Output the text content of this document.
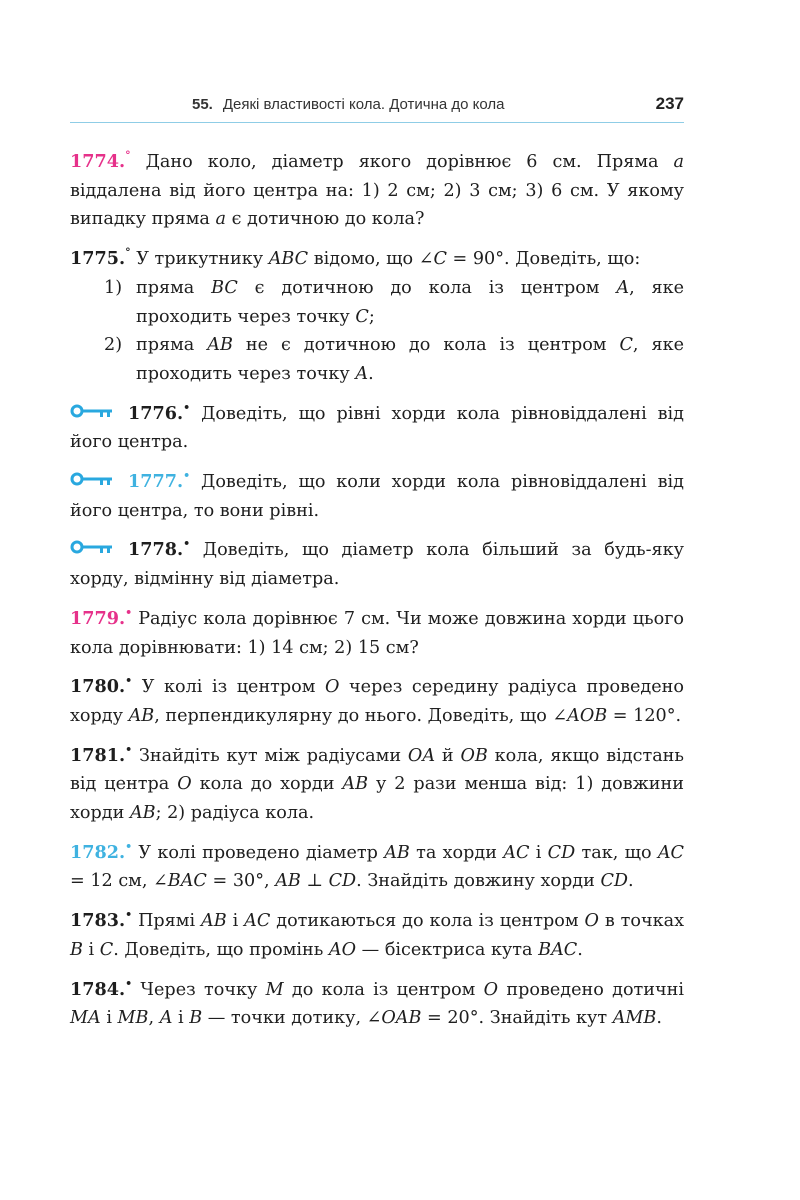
55. Деякі властивості кола. Дотична до кола	237
1774.° Дано коло, діаметр якого дорівнює 6 см. Пряма a віддалена від його центра на: 1) 2 см; 2) 3 см; 3) 6 см. У якому випадку пряма a є дотичною до кола?
1775.° У трикутнику ABC відомо, що ∠C = 90°. Доведіть, що:
1) пряма BC є дотичною до кола із центром A, яке проходить через точку C;
2) пряма AB не є дотичною до кола із центром C, яке проходить через точку A.
1776.• Доведіть, що рівні хорди кола рівновіддалені від його центра.
1777.• Доведіть, що коли хорди кола рівновіддалені від його центра, то вони рівні.
1778.• Доведіть, що діаметр кола більший за будь-яку хорду, відмінну від діаметра.
1779.• Радіус кола дорівнює 7 см. Чи може довжина хорди цього кола дорівнювати: 1) 14 см; 2) 15 см?
1780.• У колі із центром O через середину радіуса проведено хорду AB, перпендикулярну до нього. Доведіть, що ∠AOB = 120°.
1781.• Знайдіть кут між радіусами OA й OB кола, якщо відстань від центра O кола до хорди AB у 2 рази менша від: 1) довжини хорди AB; 2) радіуса кола.
1782.• У колі проведено діаметр AB та хорди AC і CD так, що AC = 12 см, ∠BAC = 30°, AB ⊥ CD. Знайдіть довжину хорди CD.
1783.• Прямі AB і AC дотикаються до кола із центром O в точках B і C. Доведіть, що промінь AO — бісектриса кута BAC.
1784.• Через точку M до кола із центром O проведено дотичні MA і MB, A і B — точки дотику, ∠OAB = 20°. Знайдіть кут AMB.
